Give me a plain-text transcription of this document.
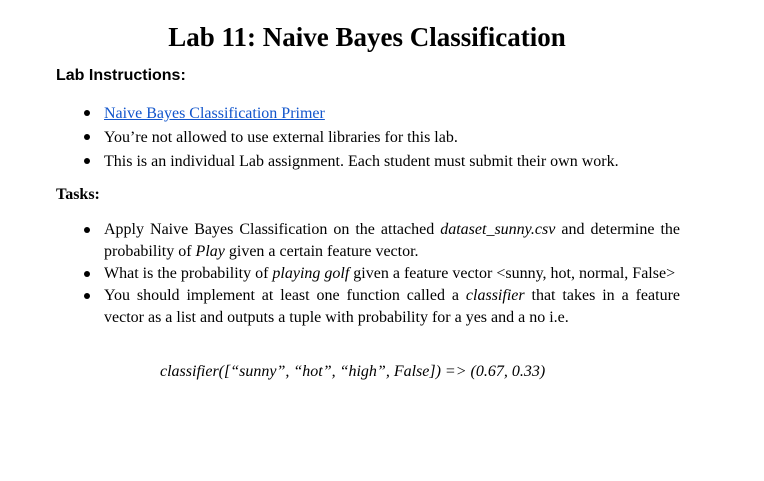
Lab 11: Naive Bayes Classification
Lab Instructions:
Naive Bayes Classification Primer
You’re not allowed to use external libraries for this lab.
This is an individual Lab assignment. Each student must submit their own work.
Tasks:
Apply Naive Bayes Classification on the attached dataset_sunny.csv and determine the probability of Play given a certain feature vector.
What is the probability of playing golf given a feature vector <sunny, hot, normal, False>
You should implement at least one function called a classifier that takes in a feature vector as a list and outputs a tuple with probability for a yes and a no i.e.
classifier([“sunny”, “hot”, “high”, False]) => (0.67, 0.33)
